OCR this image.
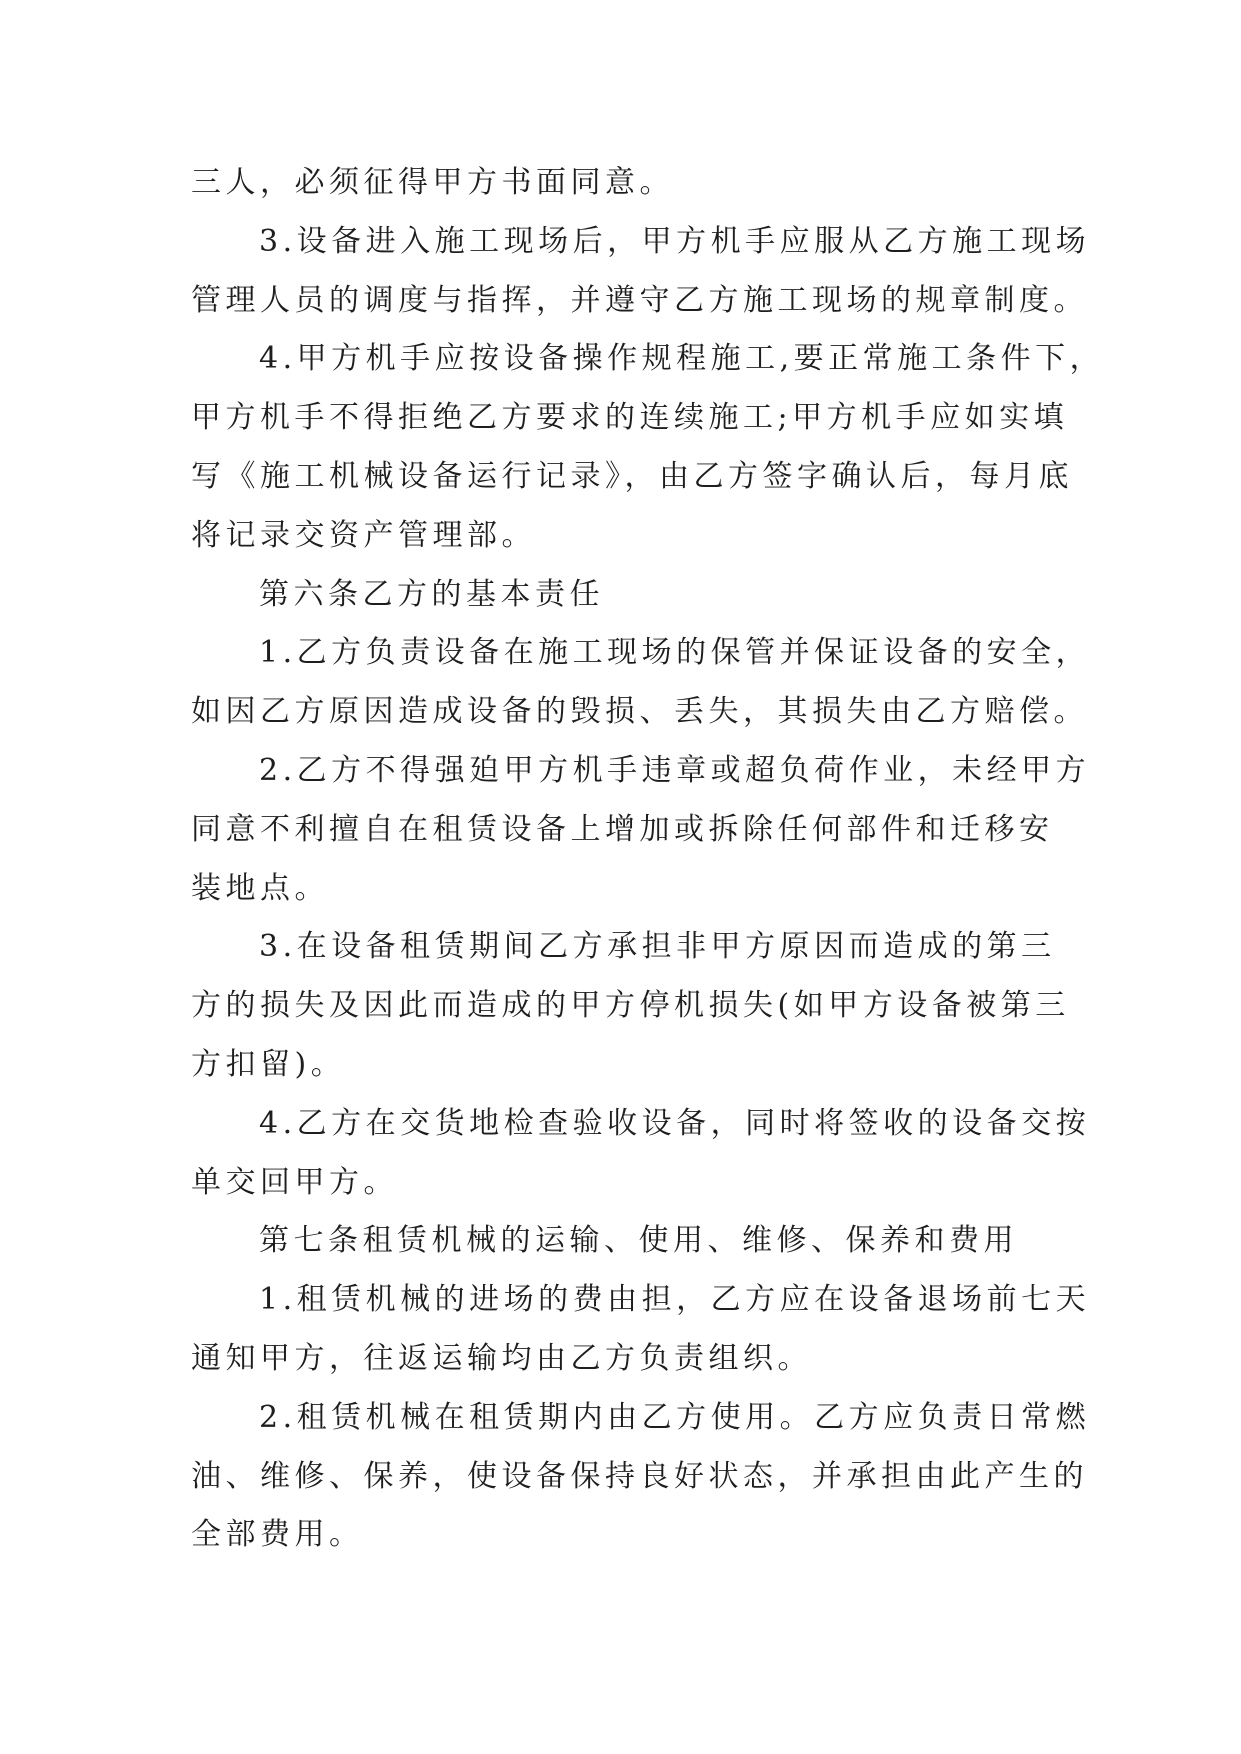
三人，必须征得甲方书面同意。
3.设备进入施工现场后，甲方机手应服从乙方施工现场
管理人员的调度与指挥，并遵守乙方施工现场的规章制度。
4.甲方机手应按设备操作规程施工,要正常施工条件下，
甲方机手不得拒绝乙方要求的连续施工;甲方机手应如实填
写《施工机械设备运行记录》，由乙方签字确认后，每月底
将记录交资产管理部。
第六条乙方的基本责任
1.乙方负责设备在施工现场的保管并保证设备的安全，
如因乙方原因造成设备的毁损、丢失，其损失由乙方赔偿。
2.乙方不得强廹甲方机手违章或超负荷作业，未经甲方
同意不利擅自在租赁设备上增加或拆除任何部件和迁移安
装地点。
3.在设备租赁期间乙方承担非甲方原因而造成的第三
方的损失及因此而造成的甲方停机损失(如甲方设备被第三
方扣留)。
4.乙方在交货地检查验收设备，同时将签收的设备交按
单交回甲方。
第七条租赁机械的运输、使用、维修、保养和费用
1.租赁机械的进场的费由担，乙方应在设备退场前七天
通知甲方，往返运输均由乙方负责组织。
2.租赁机械在租赁期内由乙方使用。乙方应负责日常燃
油、维修、保养，使设备保持良好状态，并承担由此产生的
全部费用。
